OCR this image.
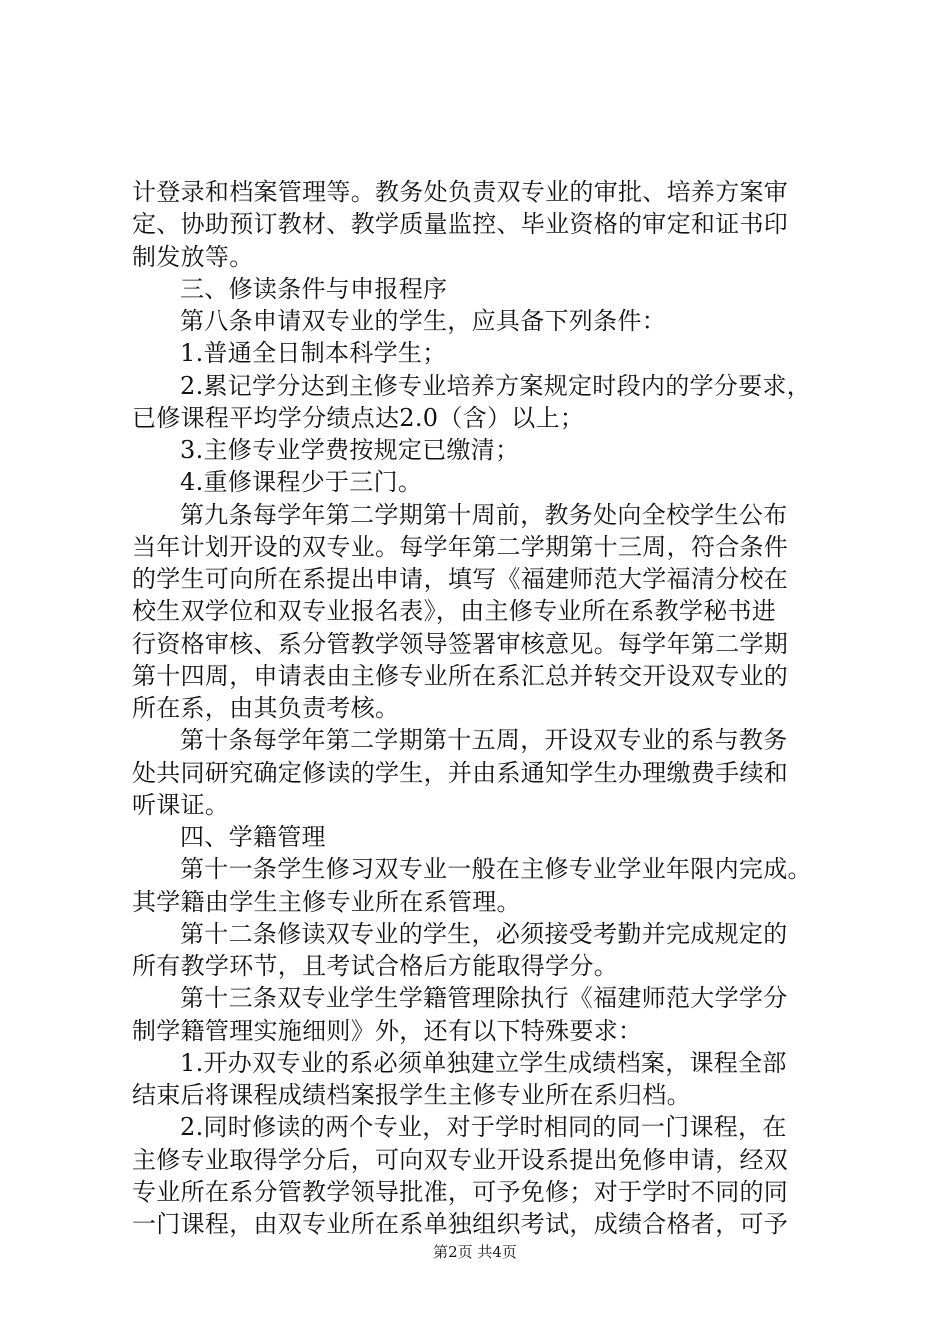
计登录和档案管理等。教务处负责双专业的审批、培养方案审
定、协助预订教材、教学质量监控、毕业资格的审定和证书印
制发放等。
三、修读条件与申报程序
第八条申请双专业的学生，应具备下列条件：
1.普通全日制本科学生；
2.累记学分达到主修专业培养方案规定时段内的学分要求，
已修课程平均学分绩点达2.0（含）以上；
3.主修专业学费按规定已缴清；
4.重修课程少于三门。
第九条每学年第二学期第十周前，教务处向全校学生公布
当年计划开设的双专业。每学年第二学期第十三周，符合条件
的学生可向所在系提出申请，填写《福建师范大学福清分校在
校生双学位和双专业报名表》，由主修专业所在系教学秘书进
行资格审核、系分管教学领导签署审核意见。每学年第二学期
第十四周，申请表由主修专业所在系汇总并转交开设双专业的
所在系，由其负责考核。
第十条每学年第二学期第十五周，开设双专业的系与教务
处共同研究确定修读的学生，并由系通知学生办理缴费手续和
听课证。
四、学籍管理
第十一条学生修习双专业一般在主修专业学业年限内完成。
其学籍由学生主修专业所在系管理。
第十二条修读双专业的学生，必须接受考勤并完成规定的
所有教学环节，且考试合格后方能取得学分。
第十三条双专业学生学籍管理除执行《福建师范大学学分
制学籍管理实施细则》外，还有以下特殊要求：
1.开办双专业的系必须单独建立学生成绩档案，课程全部
结束后将课程成绩档案报学生主修专业所在系归档。
2.同时修读的两个专业，对于学时相同的同一门课程，在
主修专业取得学分后，可向双专业开设系提出免修申请，经双
专业所在系分管教学领导批准，可予免修；对于学时不同的同
一门课程，由双专业所在系单独组织考试，成绩合格者，可予
第2页 共4页
